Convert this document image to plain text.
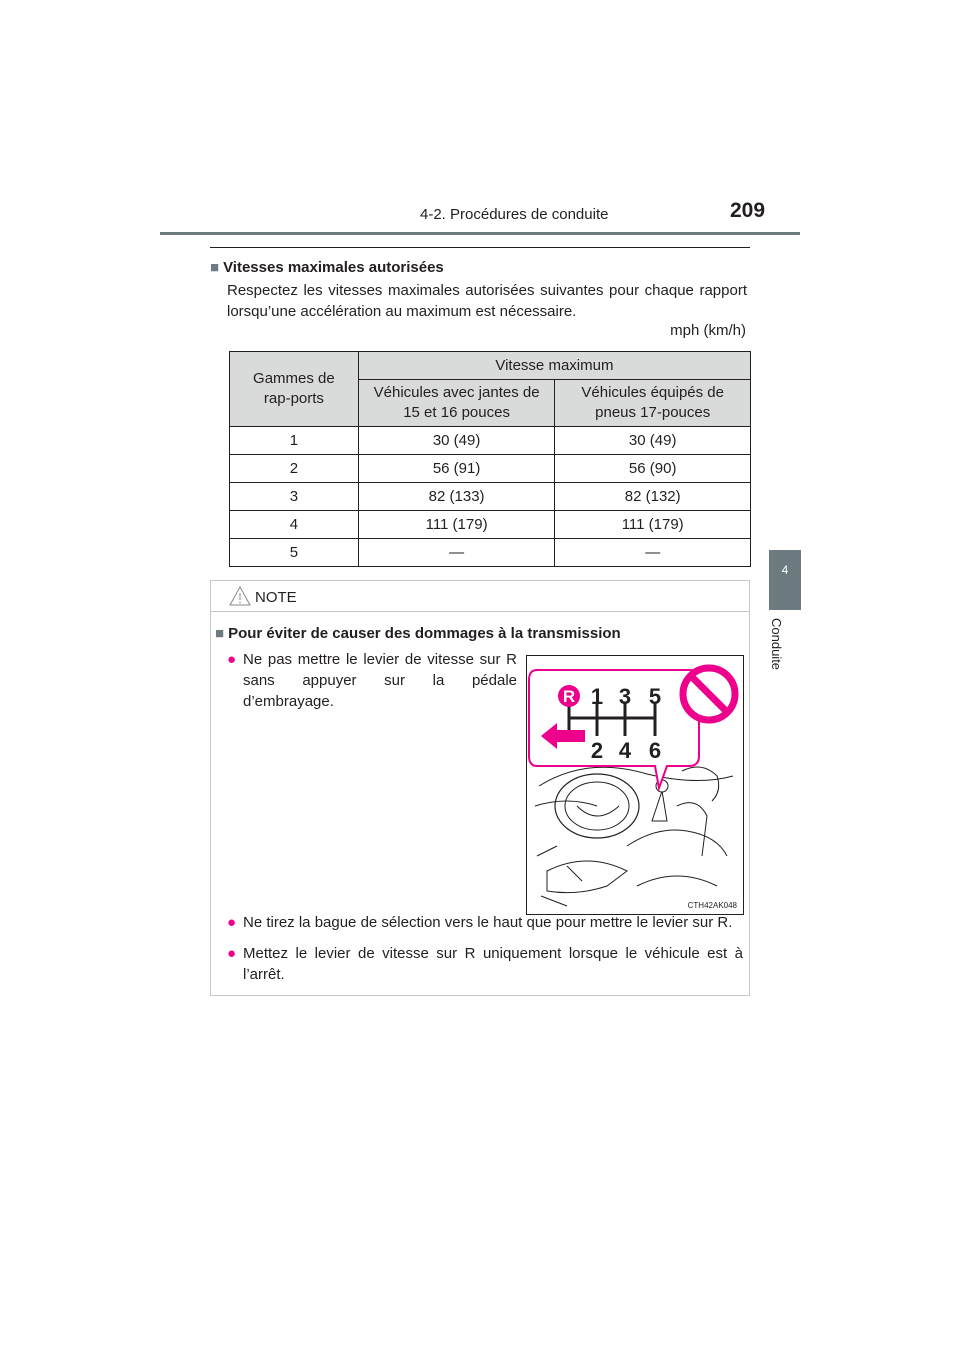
4-2. Procédures de conduite	209
4
Conduite
■ Vitesses maximales autorisées
Respectez les vitesses maximales autorisées suivantes pour chaque rapport lorsqu’une accélération au maximum est nécessaire.
mph (km/h)
Gammes de rap-ports	Vitesse maximum	
	Véhicules avec jantes de 15 et 16 pouces	Véhicules équipés de pneus 17-pouces
1	30 (49)	30 (49)
2	56 (91)	56 (90)
3	82 (133)	82 (132)
4	111 (179)	111 (179)
5	—	—
NOTE
■ Pour éviter de causer des dommages à la transmission
● Ne pas mettre le levier de vitesse sur R sans appuyer sur la pédale d’embrayage.	R 1 3 5
2 4 6
CTH42AK048
● Ne tirez la bague de sélection vers le haut que pour mettre le levier sur R.
● Mettez le levier de vitesse sur R uniquement lorsque le véhicule est à l’arrêt.
